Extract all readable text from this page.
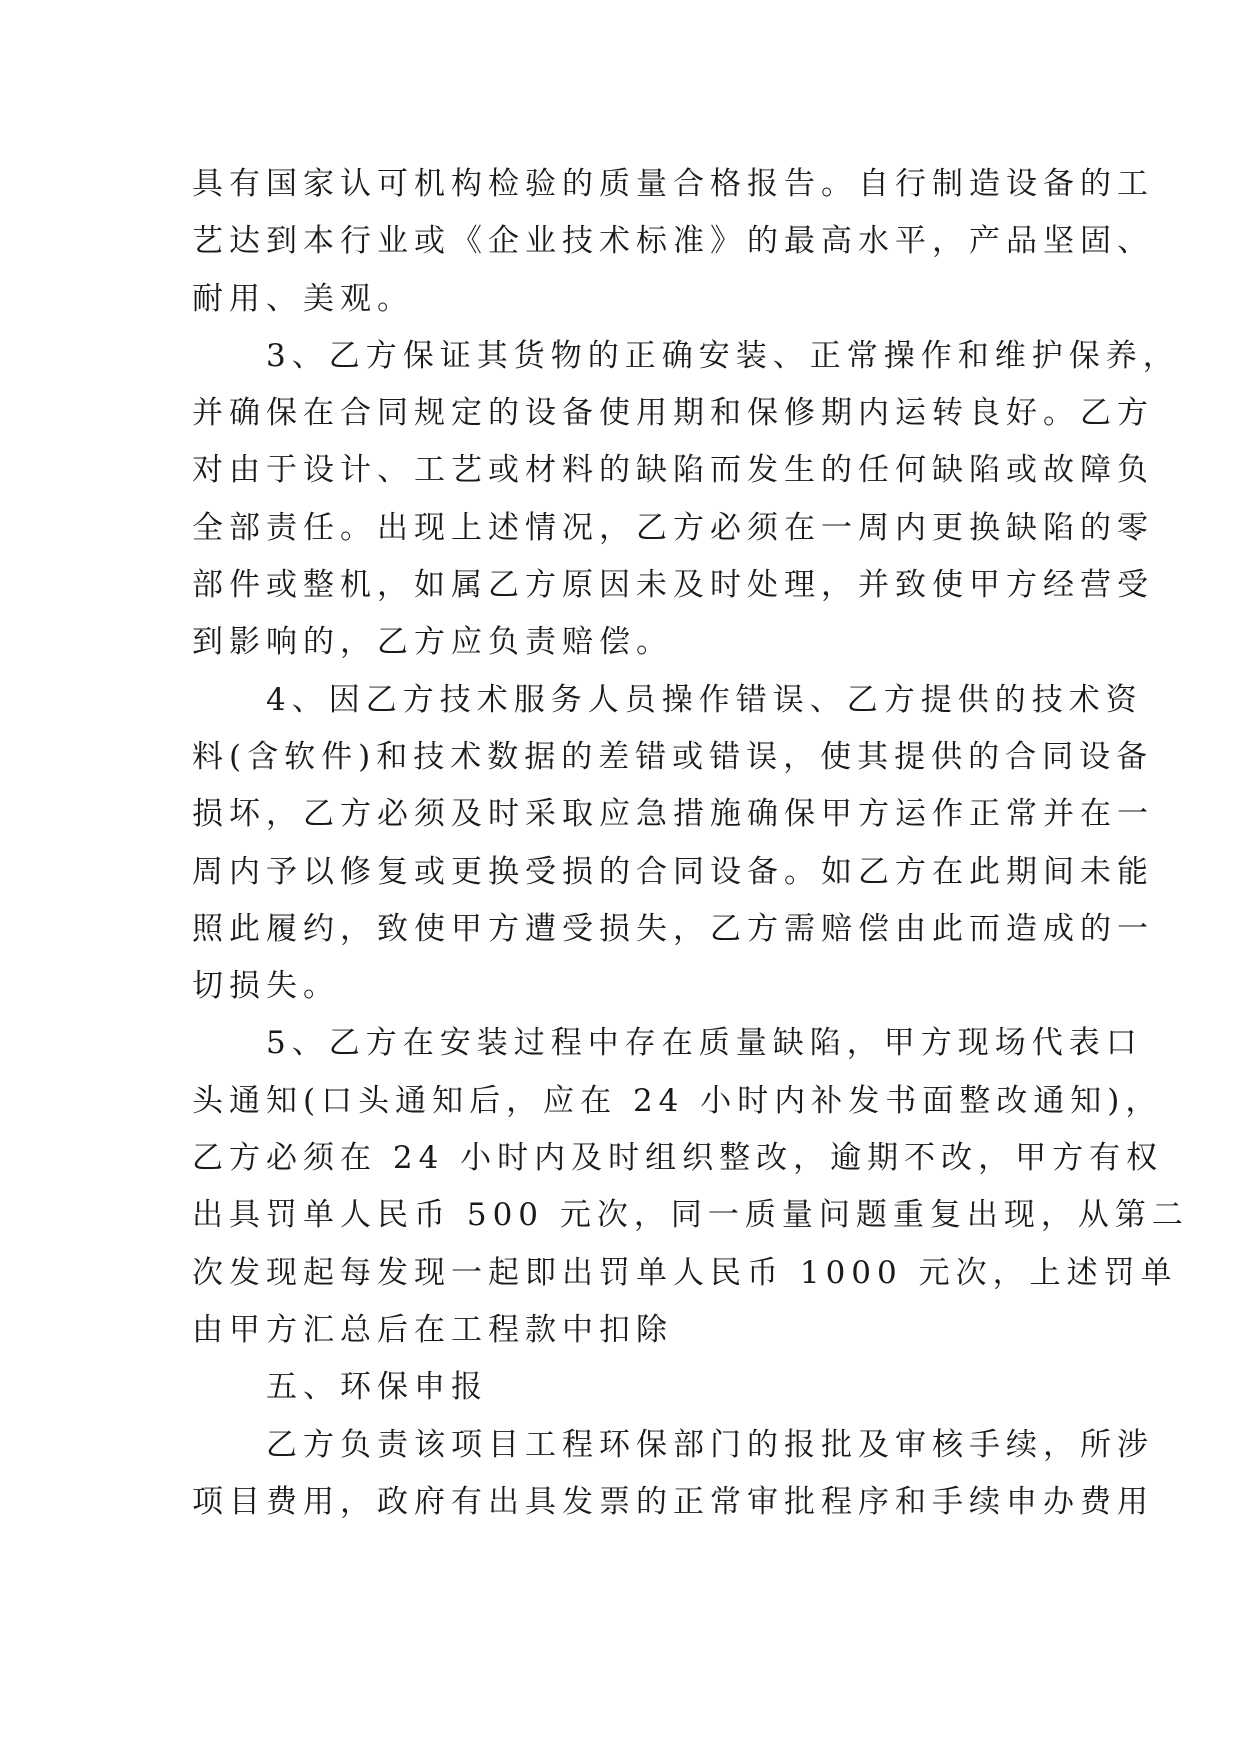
具有国家认可机构检验的质量合格报告。自行制造设备的工

艺达到本行业或《企业技术标准》的最高水平，产品坚固、

耐用、美观。

　　3、乙方保证其货物的正确安装、正常操作和维护保养，

并确保在合同规定的设备使用期和保修期内运转良好。乙方

对由于设计、工艺或材料的缺陷而发生的任何缺陷或故障负

全部责任。出现上述情况，乙方必须在一周内更换缺陷的零

部件或整机，如属乙方原因未及时处理，并致使甲方经营受

到影响的，乙方应负责赔偿。

　　4、因乙方技术服务人员操作错误、乙方提供的技术资

料(含软件)和技术数据的差错或错误，使其提供的合同设备

损坏，乙方必须及时采取应急措施确保甲方运作正常并在一

周内予以修复或更换受损的合同设备。如乙方在此期间未能

照此履约，致使甲方遭受损失，乙方需赔偿由此而造成的一

切损失。

　　5、乙方在安装过程中存在质量缺陷，甲方现场代表口

头通知(口头通知后，应在 24 小时内补发书面整改通知)，

乙方必须在 24 小时内及时组织整改，逾期不改，甲方有权

出具罚单人民币 500 元次，同一质量问题重复出现，从第二

次发现起每发现一起即出罚单人民币 1000 元次，上述罚单

由甲方汇总后在工程款中扣除

　　五、环保申报

　　乙方负责该项目工程环保部门的报批及审核手续，所涉

项目费用，政府有出具发票的正常审批程序和手续申办费用
